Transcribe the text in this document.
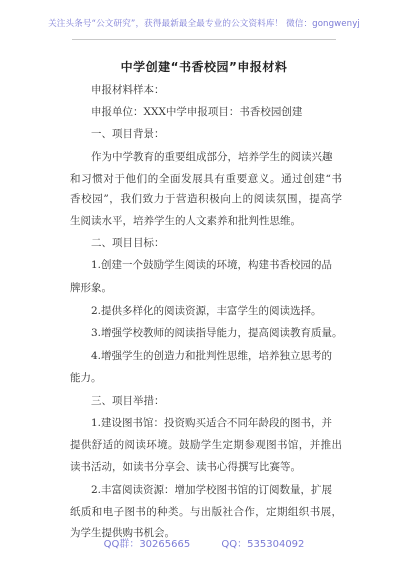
关注头条号“公文研究”，获得最新最全最专业的公文资料库！ 微信：gongwenyj
中学创建“书香校园”申报材料
申报材料样本：
申报单位：XXX中学申报项目：书香校园创建
一、项目背景：
作为中学教育的重要组成部分，培养学生的阅读兴趣
和习惯对于他们的全面发展具有重要意义。通过创建“书
香校园”，我们致力于营造积极向上的阅读氛围，提高学
生阅读水平，培养学生的人文素养和批判性思维。
二、项目目标：
1.创建一个鼓励学生阅读的环境，构建书香校园的品
牌形象。
2.提供多样化的阅读资源，丰富学生的阅读选择。
3.增强学校教师的阅读指导能力，提高阅读教育质量。
4.增强学生的创造力和批判性思维，培养独立思考的
能力。
三、项目举措：
1.建设图书馆：投资购买适合不同年龄段的图书，并
提供舒适的阅读环境。鼓励学生定期参观图书馆，并推出
读书活动，如读书分享会、读书心得撰写比赛等。
2.丰富阅读资源：增加学校图书馆的订阅数量，扩展
纸质和电子图书的种类。与出版社合作，定期组织书展，
为学生提供购书机会。
QQ群：30265665	QQ：535304092
